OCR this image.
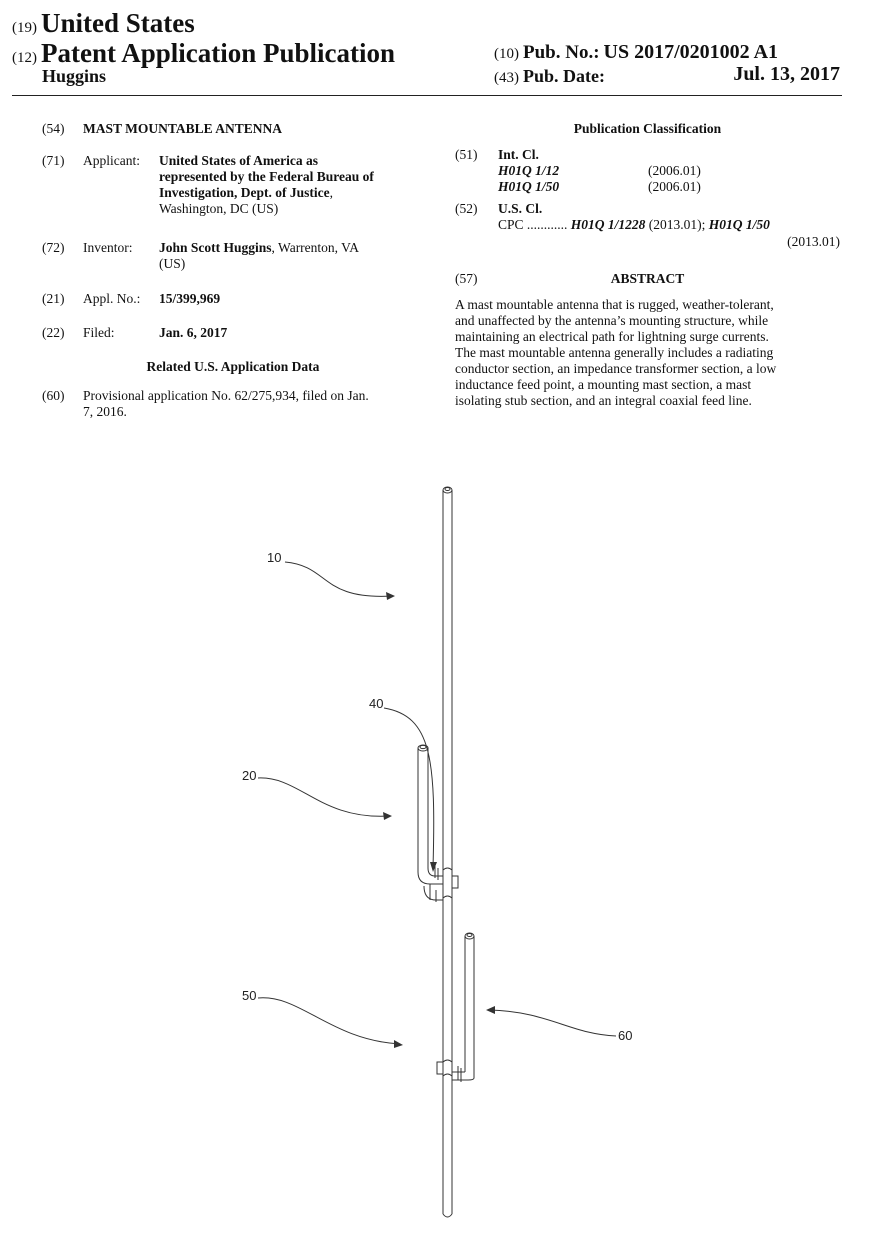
(19) United States
(12) Patent Application Publication
Huggins
(10) Pub. No.: US 2017/0201002 A1
(43) Pub. Date:	Jul. 13, 2017
(54) MAST MOUNTABLE ANTENNA
(71) Applicant: United States of America as
represented by the Federal Bureau of
Investigation, Dept. of Justice,
Washington, DC (US)
(72) Inventor: John Scott Huggins, Warrenton, VA
(US)
(21) Appl. No.: 15/399,969
(22) Filed:	Jan. 6, 2017
Related U.S. Application Data
(60) Provisional application No. 62/275,934, filed on Jan.
7, 2016.
Publication Classification
(51) Int. Cl.
H01Q 1/12	(2006.01)
H01Q 1/50	(2006.01)
(52) U.S. Cl.
CPC ............ H01Q 1/1228 (2013.01); H01Q 1/50
(2013.01)
(57)	ABSTRACT
A mast mountable antenna that is rugged, weather-tolerant,
and unaffected by the antenna’s mounting structure, while
maintaining an electrical path for lightning surge currents.
The mast mountable antenna generally includes a radiating
conductor section, an impedance transformer section, a low
inductance feed point, a mounting mast section, a mast
isolating stub section, and an integral coaxial feed line.
10
40
20
50
60
